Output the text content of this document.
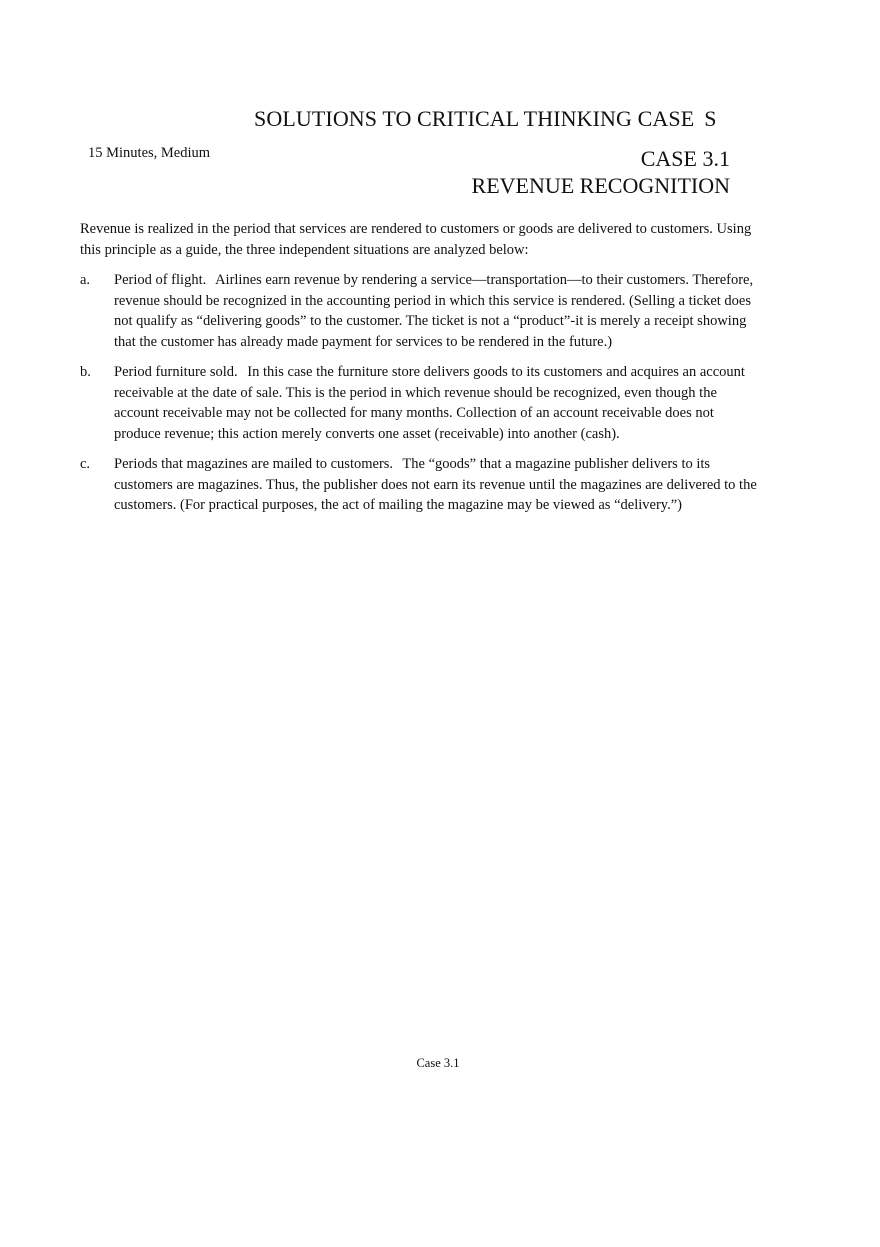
SOLUTIONS TO CRITICAL THINKING CASE S
15 Minutes, Medium	CASE 3.1
REVENUE RECOGNITION

Revenue is realized in the period that services are rendered to customers or goods are delivered to customers. Using this principle as a guide, the three independent situations are analyzed below:

a. Period of flight. Airlines earn revenue by rendering a service—transportation—to their customers. Therefore, revenue should be recognized in the accounting period in which this service is rendered. (Selling a ticket does not qualify as “delivering goods” to the customer. The ticket is not a “product”-it is merely a receipt showing that the customer has already made payment for services to be rendered in the future.)
b. Period furniture sold. In this case the furniture store delivers goods to its customers and acquires an account receivable at the date of sale. This is the period in which revenue should be recognized, even though the account receivable may not be collected for many months. Collection of an account receivable does not produce revenue; this action merely converts one asset (receivable) into another (cash).
c. Periods that magazines are mailed to customers. The “goods” that a magazine publisher delivers to its customers are magazines. Thus, the publisher does not earn its revenue until the magazines are delivered to the customers. (For practical purposes, the act of mailing the magazine may be viewed as “delivery.”)
Case 3.1
